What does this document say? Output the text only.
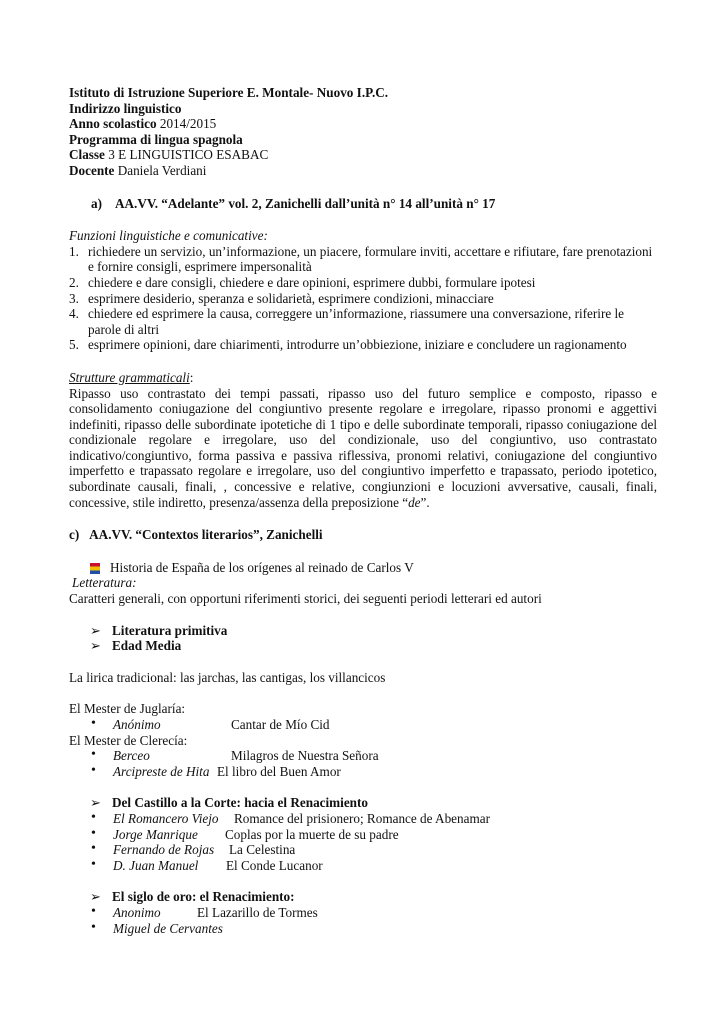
Istituto di Istruzione Superiore E. Montale- Nuovo I.P.C.

Indirizzo linguistico

Anno scolastico 2014/2015

Programma di lingua spagnola

Classe 3 E LINGUISTICO ESABAC

Docente Daniela Verdiani

a) AA.VV. “Adelante” vol. 2, Zanichelli dall’unità n° 14 all’unità n° 17

Funzioni linguistiche e comunicative:

1. richiedere un servizio, un’informazione, un piacere, formulare inviti, accettare e rifiutare, fare prenotazioni e fornire consigli, esprimere impersonalità
2. chiedere e dare consigli, chiedere e dare opinioni, esprimere dubbi, formulare ipotesi
3. esprimere desiderio, speranza e solidarietà, esprimere condizioni, minacciare
4. chiedere ed esprimere la causa, correggere un’informazione, riassumere una conversazione, riferire le parole di altri
5. esprimere opinioni, dare chiarimenti, introdurre un’obbiezione, iniziare e concludere un ragionamento

Strutture grammaticali:

Ripasso uso contrastato dei tempi passati, ripasso uso del futuro semplice e composto, ripasso e consolidamento coniugazione del congiuntivo presente regolare e irregolare, ripasso pronomi e aggettivi indefiniti, ripasso delle subordinate ipotetiche di 1 tipo e delle subordinate temporali, ripasso coniugazione del condizionale regolare e irregolare, uso del condizionale, uso del congiuntivo, uso contrastato indicativo/congiuntivo, forma passiva e passiva riflessiva, pronomi relativi, coniugazione del congiuntivo imperfetto e trapassato regolare e irregolare, uso del congiuntivo imperfetto e trapassato, periodo ipotetico, subordinate causali, finali, , concessive e relative, congiunzioni e locuzioni avversative, causali, finali, concessive, stile indiretto, presenza/assenza della preposizione “de”.

c) AA.VV. “Contextos literarios”, Zanichelli

Historia de España de los orígenes al reinado de Carlos V

Letteratura:

Caratteri generali, con opportuni riferimenti storici, dei seguenti periodi letterari ed autori

➢ Literatura primitiva

➢ Edad Media

La lirica tradicional: las jarchas, las cantigas, los villancicos

El Mester de Juglaría:

• Anónimo	Cantar de Mío Cid

El Mester de Clerecía:

• Berceo	Milagros de Nuestra Señora

• Arcipreste de Hita El libro del Buen Amor

➢ Del Castillo a la Corte: hacia el Renacimiento

• El Romancero Viejo Romance del prisionero; Romance de Abenamar

• Jorge Manrique Coplas por la muerte de su padre

• Fernando de Rojas La Celestina

• D. Juan Manuel El Conde Lucanor

➢ El siglo de oro: el Renacimiento:

• Anonimo	El Lazarillo de Tormes

• Miguel de Cervantes
